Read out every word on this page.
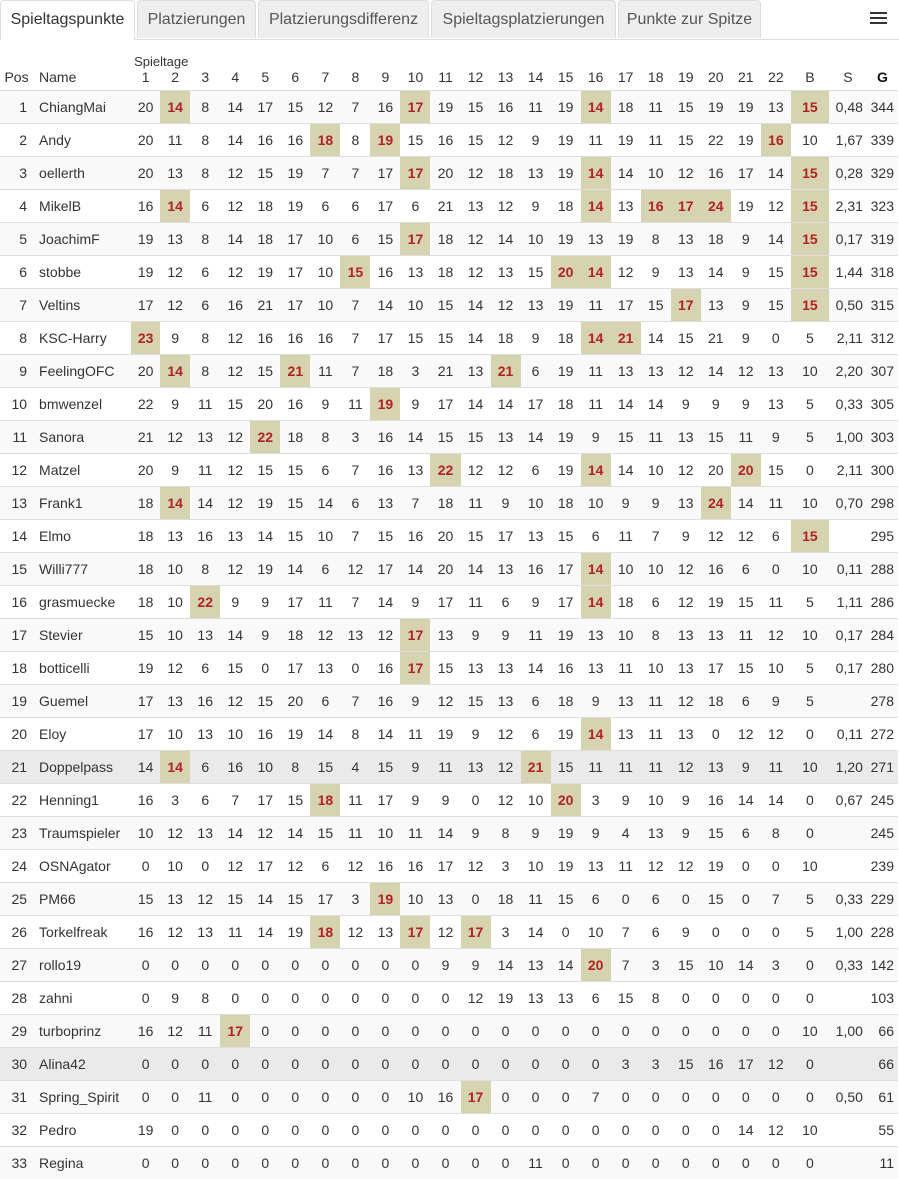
Spieltagspunkte	Platzierungen	Platzierungsdifferenz	Spieltagsplatzierungen	Punkte zur Spitze
		Spieltage																								
Pos	Name	1	2	3	4	5	6	7	8	9	10	11	12	13	14	15	16	17	18	19	20	21	22	B	S	G
1	ChiangMai	20	14	8	14	17	15	12	7	16	17	19	15	16	11	19	14	18	11	15	19	19	13	15	0,48	344
2	Andy	20	11	8	14	16	16	18	8	19	15	16	15	12	9	19	11	19	11	15	22	19	16	10	1,67	339
3	oellerth	20	13	8	12	15	19	7	7	17	17	20	12	18	13	19	14	14	10	12	16	17	14	15	0,28	329
4	MikelB	16	14	6	12	18	19	6	6	17	6	21	13	12	9	18	14	13	16	17	24	19	12	15	2,31	323
5	JoachimF	19	13	8	14	18	17	10	6	15	17	18	12	14	10	19	13	19	8	13	18	9	14	15	0,17	319
6	stobbe	19	12	6	12	19	17	10	15	16	13	18	12	13	15	20	14	12	9	13	14	9	15	15	1,44	318
7	Veltins	17	12	6	16	21	17	10	7	14	10	15	14	12	13	19	11	17	15	17	13	9	15	15	0,50	315
8	KSC-Harry	23	9	8	12	16	16	16	7	17	15	15	14	18	9	18	14	21	14	15	21	9	0	5	2,11	312
9	FeelingOFC	20	14	8	12	15	21	11	7	18	3	21	13	21	6	19	11	13	13	12	14	12	13	10	2,20	307
10	bmwenzel	22	9	11	15	20	16	9	11	19	9	17	14	14	17	18	11	14	14	9	9	9	13	5	0,33	305
11	Sanora	21	12	13	12	22	18	8	3	16	14	15	15	13	14	19	9	15	11	13	15	11	9	5	1,00	303
12	Matzel	20	9	11	12	15	15	6	7	16	13	22	12	12	6	19	14	14	10	12	20	20	15	0	2,11	300
13	Frank1	18	14	14	12	19	15	14	6	13	7	18	11	9	10	18	10	9	9	13	24	14	11	10	0,70	298
14	Elmo	18	13	16	13	14	15	10	7	15	16	20	15	17	13	15	6	11	7	9	12	12	6	15		295
15	Willi777	18	10	8	12	19	14	6	12	17	14	20	14	13	16	17	14	10	10	12	16	6	0	10	0,11	288
16	grasmuecke	18	10	22	9	9	17	11	7	14	9	17	11	6	9	17	14	18	6	12	19	15	11	5	1,11	286
17	Stevier	15	10	13	14	9	18	12	13	12	17	13	9	9	11	19	13	10	8	13	13	11	12	10	0,17	284
18	botticelli	19	12	6	15	0	17	13	0	16	17	15	13	13	14	16	13	11	10	13	17	15	10	5	0,17	280
19	Guemel	17	13	16	12	15	20	6	7	16	9	12	15	13	6	18	9	13	11	12	18	6	9	5		278
20	Eloy	17	10	13	10	16	19	14	8	14	11	19	9	12	6	19	14	13	11	13	0	12	12	0	0,11	272
21	Doppelpass	14	14	6	16	10	8	15	4	15	9	11	13	12	21	15	11	11	11	12	13	9	11	10	1,20	271
22	Henning1	16	3	6	7	17	15	18	11	17	9	9	0	12	10	20	3	9	10	9	16	14	14	0	0,67	245
23	Traumspieler	10	12	13	14	12	14	15	11	10	11	14	9	8	9	19	9	4	13	9	15	6	8	0		245
24	OSNAgator	0	10	0	12	17	12	6	12	16	16	17	12	3	10	19	13	11	12	12	19	0	0	10		239
25	PM66	15	13	12	15	14	15	17	3	19	10	13	0	18	11	15	6	0	6	0	15	0	7	5	0,33	229
26	Torkelfreak	16	12	13	11	14	19	18	12	13	17	12	17	3	14	0	10	7	6	9	0	0	0	5	1,00	228
27	rollo19	0	0	0	0	0	0	0	0	0	0	9	9	14	13	14	20	7	3	15	10	14	3	0	0,33	142
28	zahni	0	9	8	0	0	0	0	0	0	0	0	12	19	13	13	6	15	8	0	0	0	0	0		103
29	turboprinz	16	12	11	17	0	0	0	0	0	0	0	0	0	0	0	0	0	0	0	0	0	0	10	1,00	66
30	Alina42	0	0	0	0	0	0	0	0	0	0	0	0	0	0	0	0	3	3	15	16	17	12	0		66
31	Spring_Spirit	0	0	11	0	0	0	0	0	0	10	16	17	0	0	0	7	0	0	0	0	0	0	0	0,50	61
32	Pedro	19	0	0	0	0	0	0	0	0	0	0	0	0	0	0	0	0	0	0	0	14	12	10		55
33	Regina	0	0	0	0	0	0	0	0	0	0	0	0	0	11	0	0	0	0	0	0	0	0	0		11
